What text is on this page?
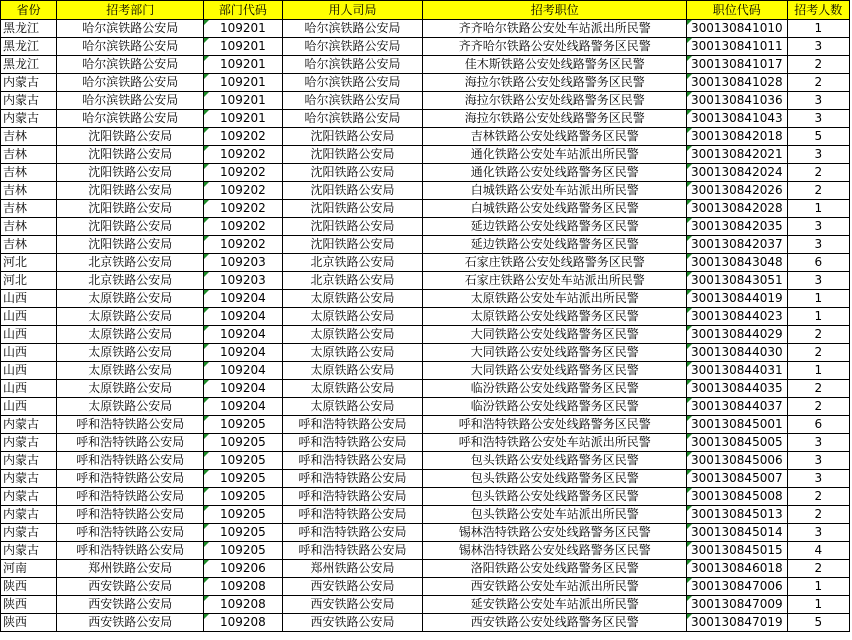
省份	招考部门	部门代码	用人司局	招考职位	职位代码	招考人数
黑龙江	哈尔滨铁路公安局	109201	哈尔滨铁路公安局	齐齐哈尔铁路公安处车站派出所民警	300130841010	1
黑龙江	哈尔滨铁路公安局	109201	哈尔滨铁路公安局	齐齐哈尔铁路公安处线路警务区民警	300130841011	3
黑龙江	哈尔滨铁路公安局	109201	哈尔滨铁路公安局	佳木斯铁路公安处线路警务区民警	300130841017	2
内蒙古	哈尔滨铁路公安局	109201	哈尔滨铁路公安局	海拉尔铁路公安处线路警务区民警	300130841028	2
内蒙古	哈尔滨铁路公安局	109201	哈尔滨铁路公安局	海拉尔铁路公安处线路警务区民警	300130841036	3
内蒙古	哈尔滨铁路公安局	109201	哈尔滨铁路公安局	海拉尔铁路公安处线路警务区民警	300130841043	3
吉林	沈阳铁路公安局	109202	沈阳铁路公安局	吉林铁路公安处线路警务区民警	300130842018	5
吉林	沈阳铁路公安局	109202	沈阳铁路公安局	通化铁路公安处车站派出所民警	300130842021	3
吉林	沈阳铁路公安局	109202	沈阳铁路公安局	通化铁路公安处线路警务区民警	300130842024	2
吉林	沈阳铁路公安局	109202	沈阳铁路公安局	白城铁路公安处车站派出所民警	300130842026	2
吉林	沈阳铁路公安局	109202	沈阳铁路公安局	白城铁路公安处线路警务区民警	300130842028	1
吉林	沈阳铁路公安局	109202	沈阳铁路公安局	延边铁路公安处线路警务区民警	300130842035	3
吉林	沈阳铁路公安局	109202	沈阳铁路公安局	延边铁路公安处线路警务区民警	300130842037	3
河北	北京铁路公安局	109203	北京铁路公安局	石家庄铁路公安处线路警务区民警	300130843048	6
河北	北京铁路公安局	109203	北京铁路公安局	石家庄铁路公安处车站派出所民警	300130843051	3
山西	太原铁路公安局	109204	太原铁路公安局	太原铁路公安处车站派出所民警	300130844019	1
山西	太原铁路公安局	109204	太原铁路公安局	太原铁路公安处线路警务区民警	300130844023	1
山西	太原铁路公安局	109204	太原铁路公安局	大同铁路公安处线路警务区民警	300130844029	2
山西	太原铁路公安局	109204	太原铁路公安局	大同铁路公安处线路警务区民警	300130844030	2
山西	太原铁路公安局	109204	太原铁路公安局	大同铁路公安处线路警务区民警	300130844031	1
山西	太原铁路公安局	109204	太原铁路公安局	临汾铁路公安处线路警务区民警	300130844035	2
山西	太原铁路公安局	109204	太原铁路公安局	临汾铁路公安处线路警务区民警	300130844037	2
内蒙古	呼和浩特铁路公安局	109205	呼和浩特铁路公安局	呼和浩特铁路公安处线路警务区民警	300130845001	6
内蒙古	呼和浩特铁路公安局	109205	呼和浩特铁路公安局	呼和浩特铁路公安处车站派出所民警	300130845005	3
内蒙古	呼和浩特铁路公安局	109205	呼和浩特铁路公安局	包头铁路公安处线路警务区民警	300130845006	3
内蒙古	呼和浩特铁路公安局	109205	呼和浩特铁路公安局	包头铁路公安处线路警务区民警	300130845007	3
内蒙古	呼和浩特铁路公安局	109205	呼和浩特铁路公安局	包头铁路公安处线路警务区民警	300130845008	2
内蒙古	呼和浩特铁路公安局	109205	呼和浩特铁路公安局	包头铁路公安处车站派出所民警	300130845013	2
内蒙古	呼和浩特铁路公安局	109205	呼和浩特铁路公安局	锡林浩特铁路公安处线路警务区民警	300130845014	3
内蒙古	呼和浩特铁路公安局	109205	呼和浩特铁路公安局	锡林浩特铁路公安处线路警务区民警	300130845015	4
河南	郑州铁路公安局	109206	郑州铁路公安局	洛阳铁路公安处线路警务区民警	300130846018	2
陕西	西安铁路公安局	109208	西安铁路公安局	西安铁路公安处车站派出所民警	300130847006	1
陕西	西安铁路公安局	109208	西安铁路公安局	延安铁路公安处车站派出所民警	300130847009	1
陕西	西安铁路公安局	109208	西安铁路公安局	西安铁路公安处线路警务区民警	300130847019	5
